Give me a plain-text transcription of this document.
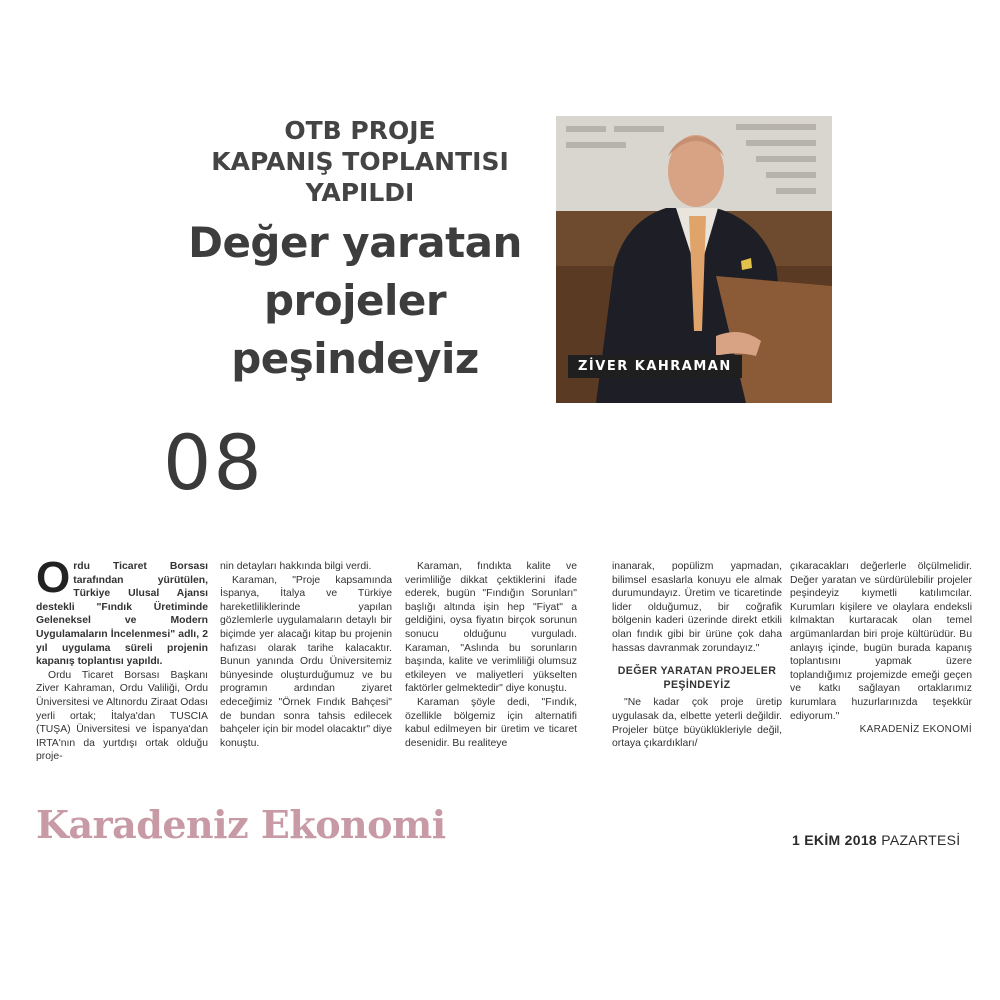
OTB PROJE
KAPANIŞ TOPLANTISI
YAPILDI
Değer yaratan
projeler
peşindeyiz	ZİVER KAHRAMAN
08

O rdu Ticaret Borsası tarafından yürütülen, Türkiye Ulusal Ajansı destekli "Fındık Üretiminde Geleneksel ve Modern Uygulamaların İncelenmesi" adlı, 2 yıl uygulama süreli projenin kapanış toplantısı yapıldı.

Ordu Ticaret Borsası Başkanı Ziver Kahraman, Ordu Valiliği, Ordu Üniversitesi ve Altınordu Ziraat Odası yerli ortak; İtalya'dan TUSCIA (TUŞA) Üniversitesi ve İspanya'dan IRTA'nın da yurtdışı ortak olduğu proje-

nin detayları hakkında bilgi verdi.

Karaman, "Proje kapsamında İspanya, İtalya ve Türkiye hareketliliklerinde yapılan gözlemlerle uygulamaların detaylı bir biçimde yer alacağı kitap bu projenin hafızası olarak tarihe kalacaktır. Bunun yanında Ordu Üniversitemiz bünyesinde oluşturduğumuz ve bu programın ardından ziyaret edeceğimiz "Örnek Fındık Bahçesi" de bundan sonra tahsis edilecek bahçeler için bir model olacaktır" diye konuştu.

Karaman, fındıkta kalite ve verimliliğe dikkat çektiklerini ifade ederek, bugün "Fındığın Sorunları" başlığı altında işin hep "Fiyat" a geldiğini, oysa fiyatın birçok sorunun sonucu olduğunu vurguladı. Karaman, "Aslında bu sorunların başında, kalite ve verimliliği olumsuz etkileyen ve maliyetleri yükselten faktörler gelmektedir" diye konuştu.

Karaman şöyle dedi, "Fındık, özellikle bölgemiz için alternatifi kabul edilmeyen bir üretim ve ticaret desenidir. Bu realiteye

inanarak, popülizm yapmadan, bilimsel esaslarla konuyu ele almak durumundayız. Üretim ve ticaretinde lider olduğumuz, bir coğrafik bölgenin kaderi üzerinde direkt etkili olan fındık gibi bir ürüne çok daha hassas davranmak zorundayız."

DEĞER YARATAN PROJELER
PEŞİNDEYİZ

"Ne kadar çok proje üretip uygulasak da, elbette yeterli değildir. Projeler bütçe büyüklükleriyle değil, ortaya çıkardıkları/

çıkaracakları değerlerle ölçülmelidir. Değer yaratan ve sürdürülebilir projeler peşindeyiz kıymetli katılımcılar. Kurumları kişilere ve olaylara endeksli kılmaktan kurtaracak olan temel argümanlardan biri proje kültürüdür. Bu anlayış içinde, bugün burada kapanış toplantısını yapmak üzere toplandığımız projemizde emeği geçen ve katkı sağlayan ortaklarımız kurumlara huzurlarınızda teşekkür ediyorum."

KARADENİZ EKONOMİ

Karadeniz Ekonomi	1 EKİM 2018 PAZARTESİ
